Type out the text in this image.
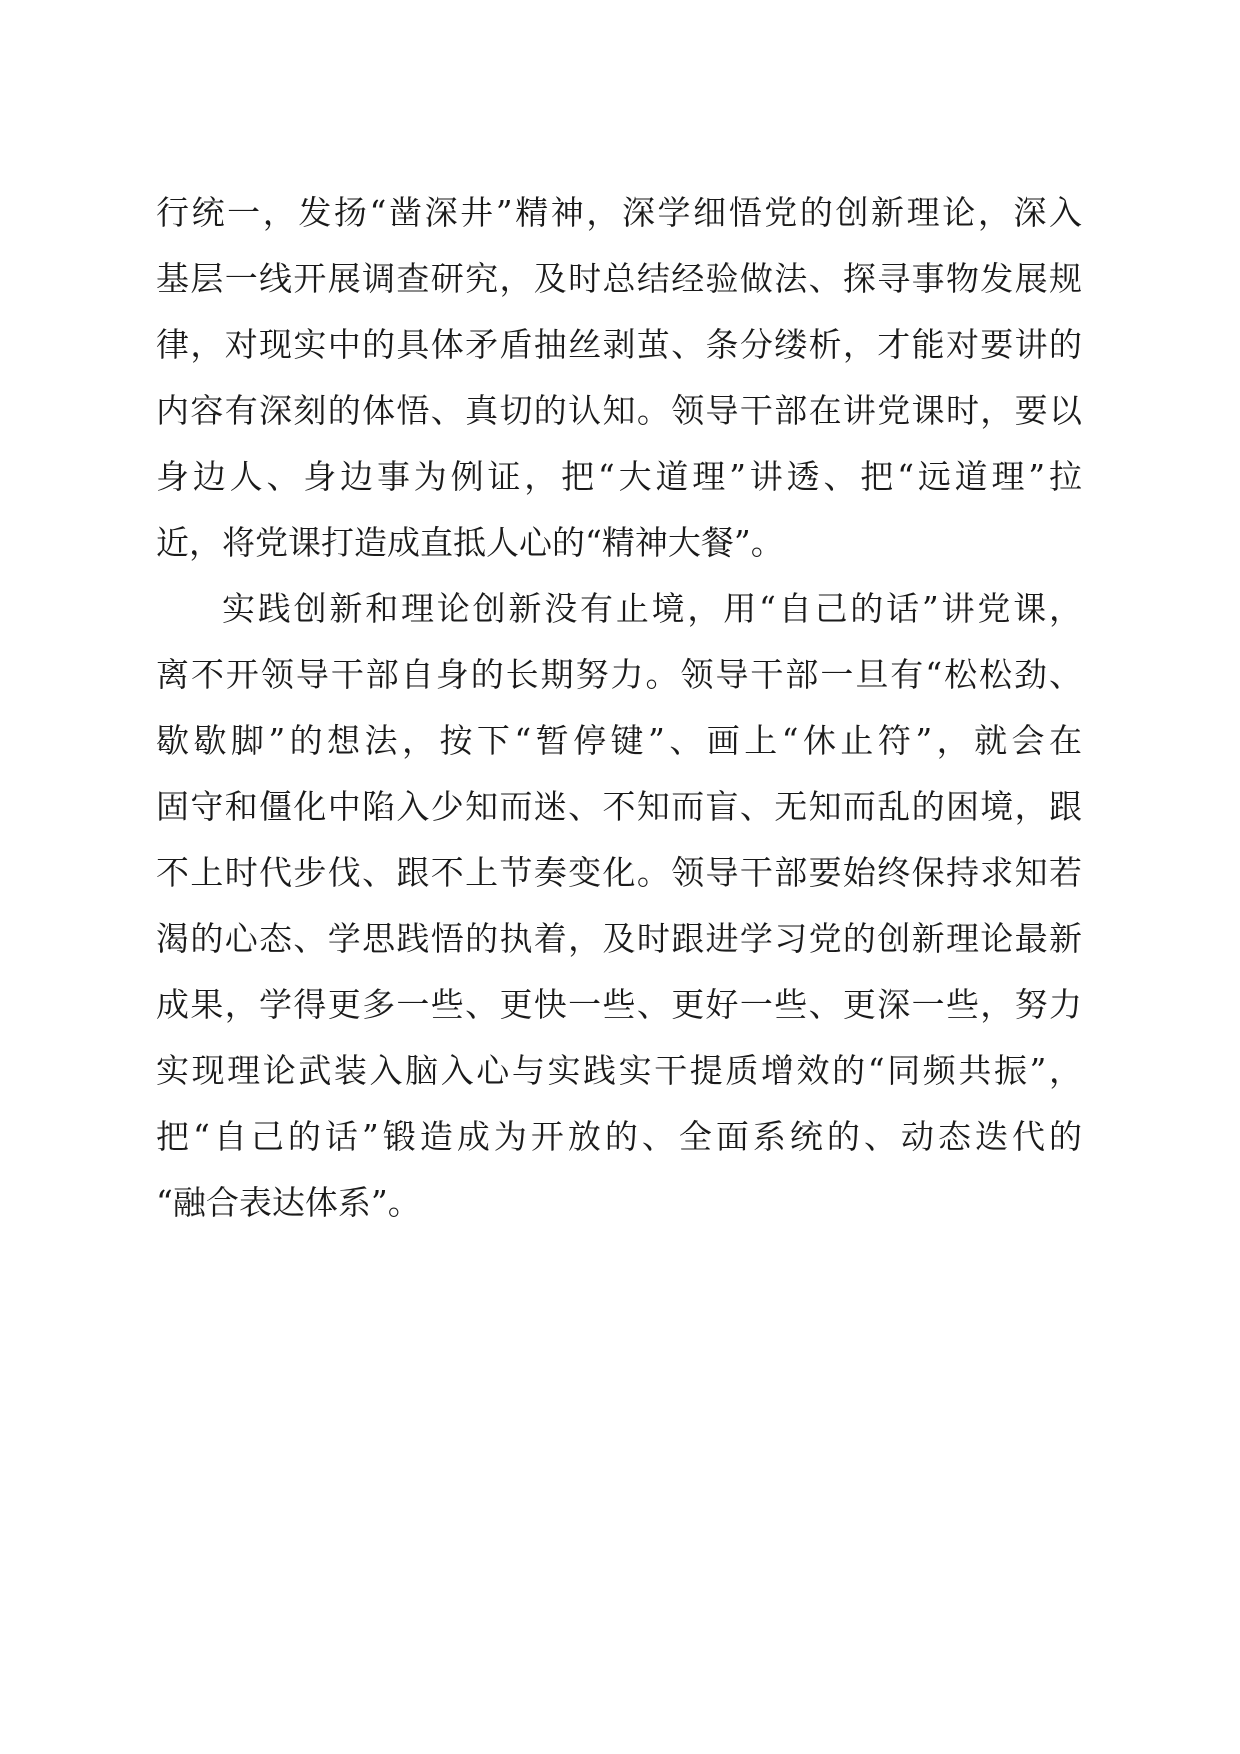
行统一，发扬“凿深井”精神，深学细悟党的创新理论，深入
基层一线开展调查研究，及时总结经验做法、探寻事物发展规
律，对现实中的具体矛盾抽丝剥茧、条分缕析，才能对要讲的
内容有深刻的体悟、真切的认知。领导干部在讲党课时，要以
身边人、身边事为例证，把“大道理”讲透、把“远道理”拉
近，将党课打造成直抵人心的“精神大餐”。
实践创新和理论创新没有止境，用“自己的话”讲党课，
离不开领导干部自身的长期努力。领导干部一旦有“松松劲、
歇歇脚”的想法，按下“暂停键”、画上“休止符”，就会在
固守和僵化中陷入少知而迷、不知而盲、无知而乱的困境，跟
不上时代步伐、跟不上节奏变化。领导干部要始终保持求知若
渴的心态、学思践悟的执着，及时跟进学习党的创新理论最新
成果，学得更多一些、更快一些、更好一些、更深一些，努力
实现理论武装入脑入心与实践实干提质增效的“同频共振”，
把“自己的话”锻造成为开放的、全面系统的、动态迭代的
“融合表达体系”。
